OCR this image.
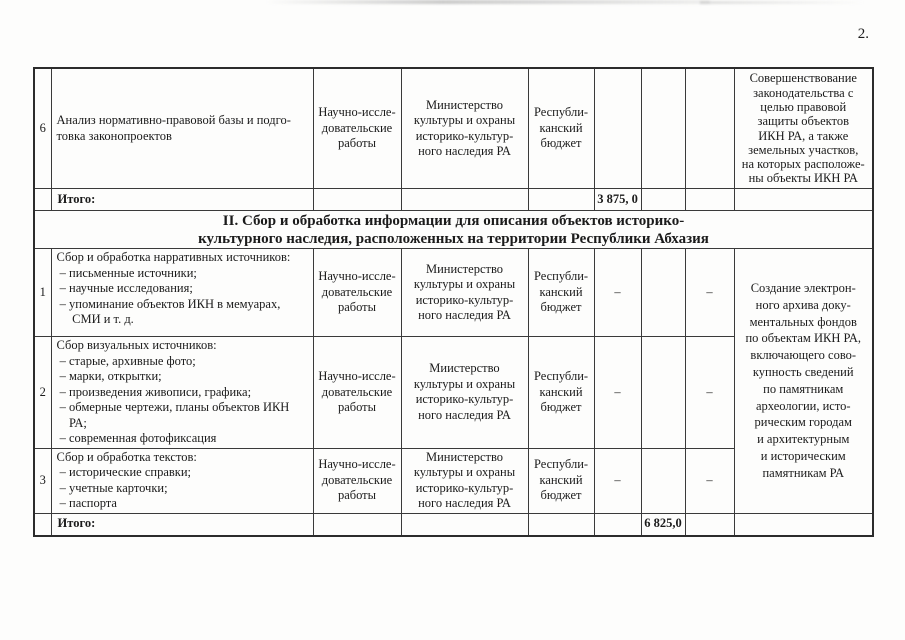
2.
6	Анализ нормативно-правовой базы и подго-
товка законопроектов	Научно-иссле-
довательские
работы	Министерство
культуры и охраны
историко-культур-
ного наследия РА	Республи-
канский
бюджет				Совершенствование
законодательства с
целью правовой
защиты объектов
ИКН РА, а также
земельных участков,
на которых расположе-
ны объекты ИКН РА
	Итого:				3 875, 0			
II. Сбор и обработка информации для описания объектов историко-
культурного наследия, расположенных на территории Республики Абхазия								
1	Сбор и обработка нарративных источников:
– письменные источники;
– научные исследования;
– упоминание объектов ИКН в мемуарах,
СМИ и т. д.	Научно-иссле-
довательские
работы	Министерство
культуры и охраны
историко-культур-
ного наследия РА	Республи-
канский
бюджет	–		–	Создание электрон-
ного архива доку-
ментальных фондов
по объектам ИКН РА,
включающего сово-
купность сведений
по памятникам
археологии, исто-
рическим городам
и архитектурным
и историческим
памятникам РА
2	Сбор визуальных источников:
– старые, архивные фото;
– марки, открытки;
– произведения живописи, графика;
– обмерные чертежи, планы объектов ИКН
РА;
– современная фотофиксация	Научно-иссле-
довательские
работы	Миистерство
культуры и охраны
историко-культур-
ного наследия РА	Республи-
канский
бюджет	–		–
3	Сбор и обработка текстов:
– исторические справки;
– учетные карточки;
– паспорта	Научно-иссле-
довательские
работы	Министерство
культуры и охраны
историко-культур-
ного наследия РА	Республи-
канский
бюджет	–		–	
	Итого:					6 825,0		
